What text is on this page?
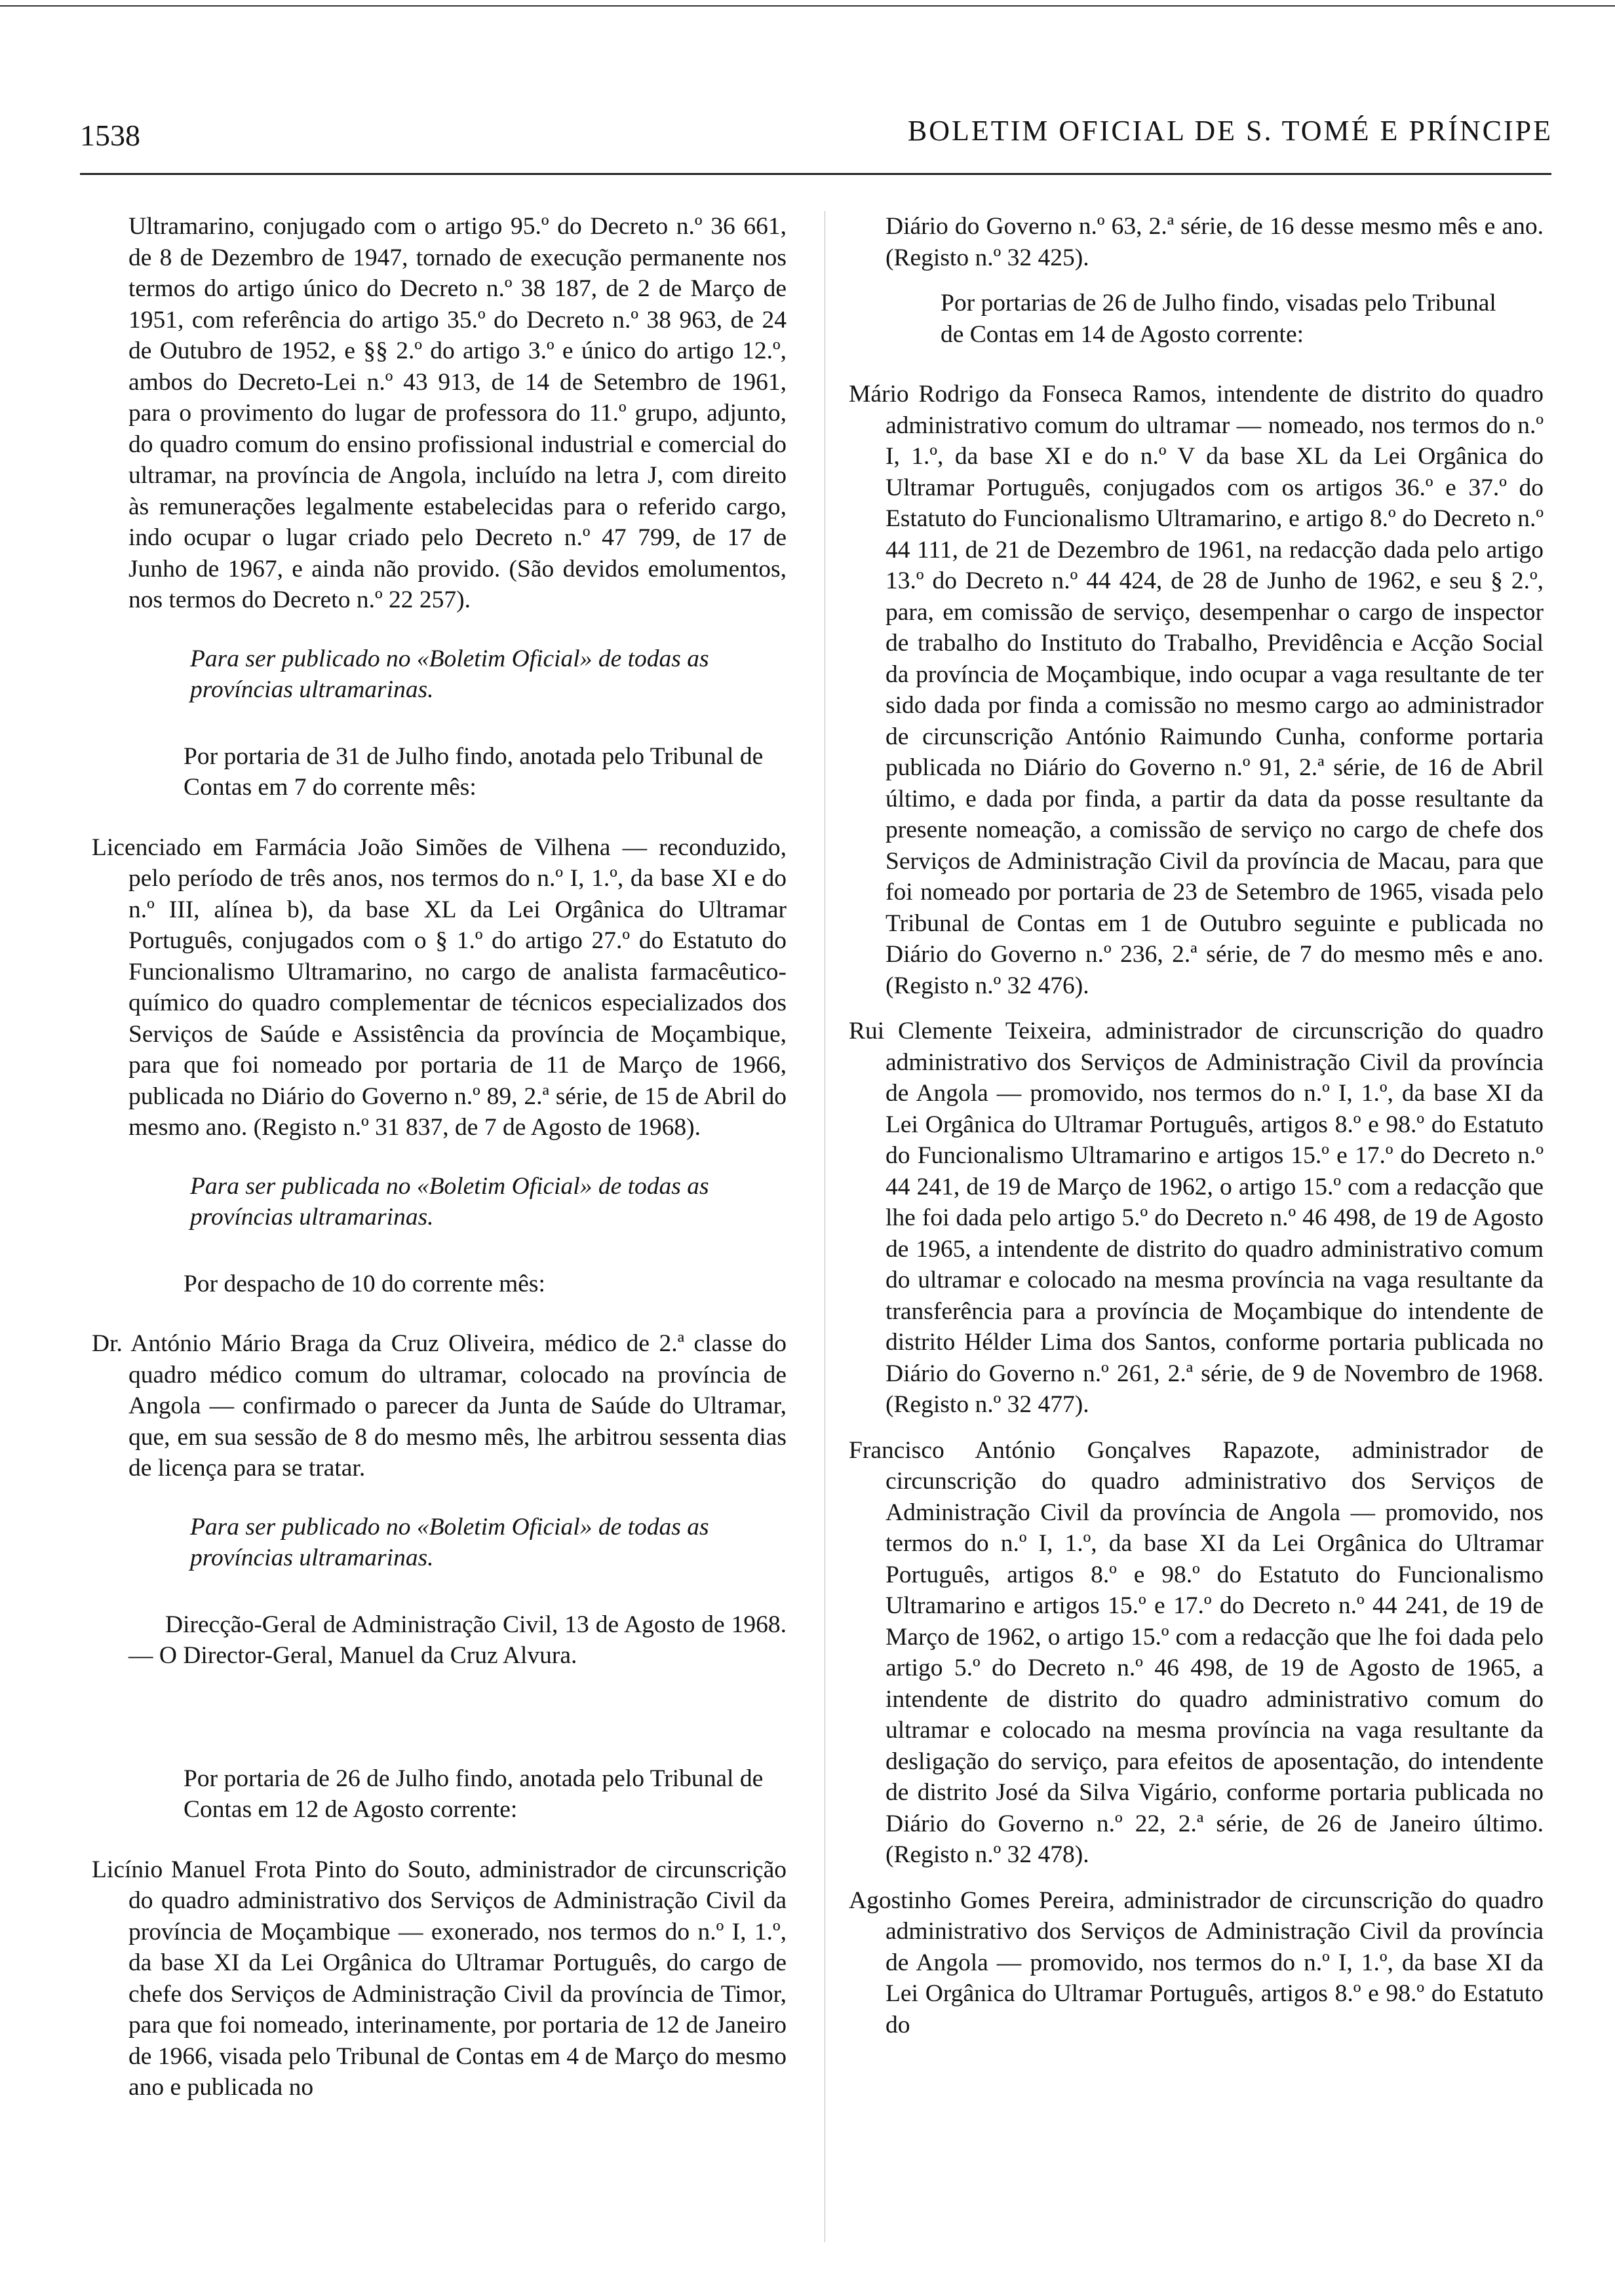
1538	BOLETIM OFICIAL DE S. TOMÉ E PRÍNCIPE

Ultramarino, conjugado com o artigo 95.º do Decreto n.º 36 661, de 8 de Dezembro de 1947, tornado de execução permanente nos termos do artigo único do Decreto n.º 38 187, de 2 de Março de 1951, com referência do artigo 35.º do Decreto n.º 38 963, de 24 de Outubro de 1952, e §§ 2.º do artigo 3.º e único do artigo 12.º, ambos do Decreto-Lei n.º 43 913, de 14 de Setembro de 1961, para o provimento do lugar de professora do 11.º grupo, adjunto, do quadro comum do ensino profissional industrial e comercial do ultramar, na província de Angola, incluído na letra J, com direito às remunerações legalmente estabelecidas para o referido cargo, indo ocupar o lugar criado pelo Decreto n.º 47 799, de 17 de Junho de 1967, e ainda não provido. (São devidos emolumentos, nos termos do Decreto n.º 22 257).

Para ser publicado no «Boletim Oficial» de todas as províncias ultramarinas.

Por portaria de 31 de Julho findo, anotada pelo Tribunal de Contas em 7 do corrente mês:

Licenciado em Farmácia João Simões de Vilhena — reconduzido, pelo período de três anos, nos termos do n.º I, 1.º, da base XI e do n.º III, alínea b), da base XL da Lei Orgânica do Ultramar Português, conjugados com o § 1.º do artigo 27.º do Estatuto do Funcionalismo Ultramarino, no cargo de analista farmacêutico-químico do quadro complementar de técnicos especializados dos Serviços de Saúde e Assistência da província de Moçambique, para que foi nomeado por portaria de 11 de Março de 1966, publicada no Diário do Governo n.º 89, 2.ª série, de 15 de Abril do mesmo ano. (Registo n.º 31 837, de 7 de Agosto de 1968).

Para ser publicada no «Boletim Oficial» de todas as províncias ultramarinas.

Por despacho de 10 do corrente mês:

Dr. António Mário Braga da Cruz Oliveira, médico de 2.ª classe do quadro médico comum do ultramar, colocado na província de Angola — confirmado o parecer da Junta de Saúde do Ultramar, que, em sua sessão de 8 do mesmo mês, lhe arbitrou sessenta dias de licença para se tratar.

Para ser publicado no «Boletim Oficial» de todas as províncias ultramarinas.

Direcção-Geral de Administração Civil, 13 de Agosto de 1968. — O Director-Geral, Manuel da Cruz Alvura.

Por portaria de 26 de Julho findo, anotada pelo Tribunal de Contas em 12 de Agosto corrente:

Licínio Manuel Frota Pinto do Souto, administrador de circunscrição do quadro administrativo dos Serviços de Administração Civil da província de Moçambique — exonerado, nos termos do n.º I, 1.º, da base XI da Lei Orgânica do Ultramar Português, do cargo de chefe dos Serviços de Administração Civil da província de Timor, para que foi nomeado, interinamente, por portaria de 12 de Janeiro de 1966, visada pelo Tribunal de Contas em 4 de Março do mesmo ano e publicada no

Diário do Governo n.º 63, 2.ª série, de 16 desse mesmo mês e ano. (Registo n.º 32 425).

Por portarias de 26 de Julho findo, visadas pelo Tribunal de Contas em 14 de Agosto corrente:

Mário Rodrigo da Fonseca Ramos, intendente de distrito do quadro administrativo comum do ultramar — nomeado, nos termos do n.º I, 1.º, da base XI e do n.º V da base XL da Lei Orgânica do Ultramar Português, conjugados com os artigos 36.º e 37.º do Estatuto do Funcionalismo Ultramarino, e artigo 8.º do Decreto n.º 44 111, de 21 de Dezembro de 1961, na redacção dada pelo artigo 13.º do Decreto n.º 44 424, de 28 de Junho de 1962, e seu § 2.º, para, em comissão de serviço, desempenhar o cargo de inspector de trabalho do Instituto do Trabalho, Previdência e Acção Social da província de Moçambique, indo ocupar a vaga resultante de ter sido dada por finda a comissão no mesmo cargo ao administrador de circunscrição António Raimundo Cunha, conforme portaria publicada no Diário do Governo n.º 91, 2.ª série, de 16 de Abril último, e dada por finda, a partir da data da posse resultante da presente nomeação, a comissão de serviço no cargo de chefe dos Serviços de Administração Civil da província de Macau, para que foi nomeado por portaria de 23 de Setembro de 1965, visada pelo Tribunal de Contas em 1 de Outubro seguinte e publicada no Diário do Governo n.º 236, 2.ª série, de 7 do mesmo mês e ano. (Registo n.º 32 476).

Rui Clemente Teixeira, administrador de circunscrição do quadro administrativo dos Serviços de Administração Civil da província de Angola — promovido, nos termos do n.º I, 1.º, da base XI da Lei Orgânica do Ultramar Português, artigos 8.º e 98.º do Estatuto do Funcionalismo Ultramarino e artigos 15.º e 17.º do Decreto n.º 44 241, de 19 de Março de 1962, o artigo 15.º com a redacção que lhe foi dada pelo artigo 5.º do Decreto n.º 46 498, de 19 de Agosto de 1965, a intendente de distrito do quadro administrativo comum do ultramar e colocado na mesma província na vaga resultante da transferência para a província de Moçambique do intendente de distrito Hélder Lima dos Santos, conforme portaria publicada no Diário do Governo n.º 261, 2.ª série, de 9 de Novembro de 1968. (Registo n.º 32 477).

Francisco António Gonçalves Rapazote, administrador de circunscrição do quadro administrativo dos Serviços de Administração Civil da província de Angola — promovido, nos termos do n.º I, 1.º, da base XI da Lei Orgânica do Ultramar Português, artigos 8.º e 98.º do Estatuto do Funcionalismo Ultramarino e artigos 15.º e 17.º do Decreto n.º 44 241, de 19 de Março de 1962, o artigo 15.º com a redacção que lhe foi dada pelo artigo 5.º do Decreto n.º 46 498, de 19 de Agosto de 1965, a intendente de distrito do quadro administrativo comum do ultramar e colocado na mesma província na vaga resultante da desligação do serviço, para efeitos de aposentação, do intendente de distrito José da Silva Vigário, conforme portaria publicada no Diário do Governo n.º 22, 2.ª série, de 26 de Janeiro último. (Registo n.º 32 478).

Agostinho Gomes Pereira, administrador de circunscrição do quadro administrativo dos Serviços de Administração Civil da província de Angola — promovido, nos termos do n.º I, 1.º, da base XI da Lei Orgânica do Ultramar Português, artigos 8.º e 98.º do Estatuto do
